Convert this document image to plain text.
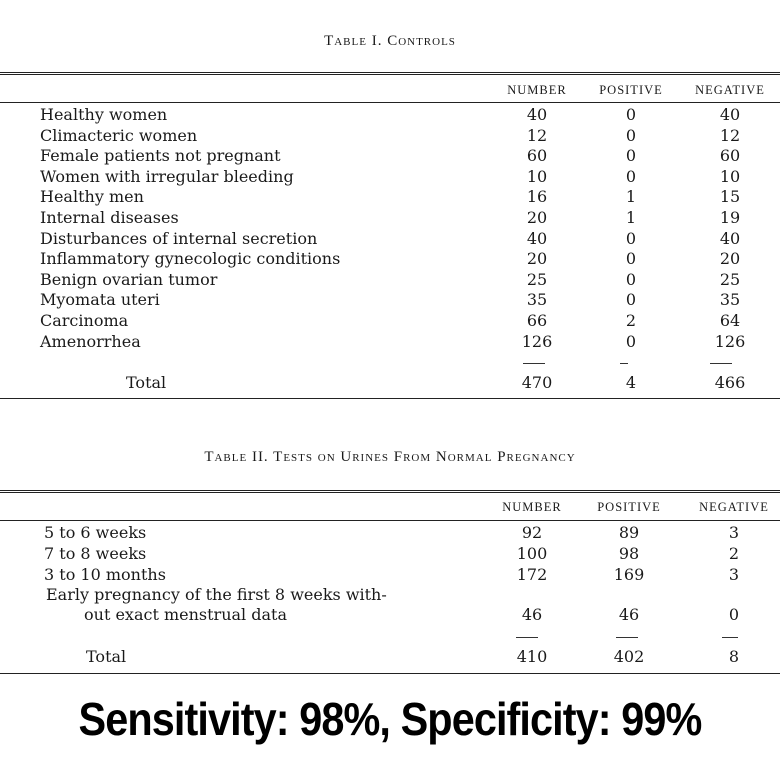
Table I. Controls
NUMBER	POSITIVE	NEGATIVE
Healthy women	40	0	40
Climacteric women	12	0	12
Female patients not pregnant	60	0	60
Women with irregular bleeding	10	0	10
Healthy men	16	1	15
Internal diseases	20	1	19
Disturbances of internal secretion	40	0	40
Inflammatory gynecologic conditions	20	0	20
Benign ovarian tumor	25	0	25
Myomata uteri	35	0	35
Carcinoma	66	2	64
Amenorrhea	126	0	126
Total	470	4	466
Table II. Tests on Urines From Normal Pregnancy
NUMBER	POSITIVE	NEGATIVE
5 to 6 weeks	92	89	3
7 to 8 weeks	100	98	2
3 to 10 months	172	169	3
Early pregnancy of the first 8 weeks with-
out exact menstrual data	46	46	0
Total	410	402	8
Sensitivity: 98%, Specificity: 99%
